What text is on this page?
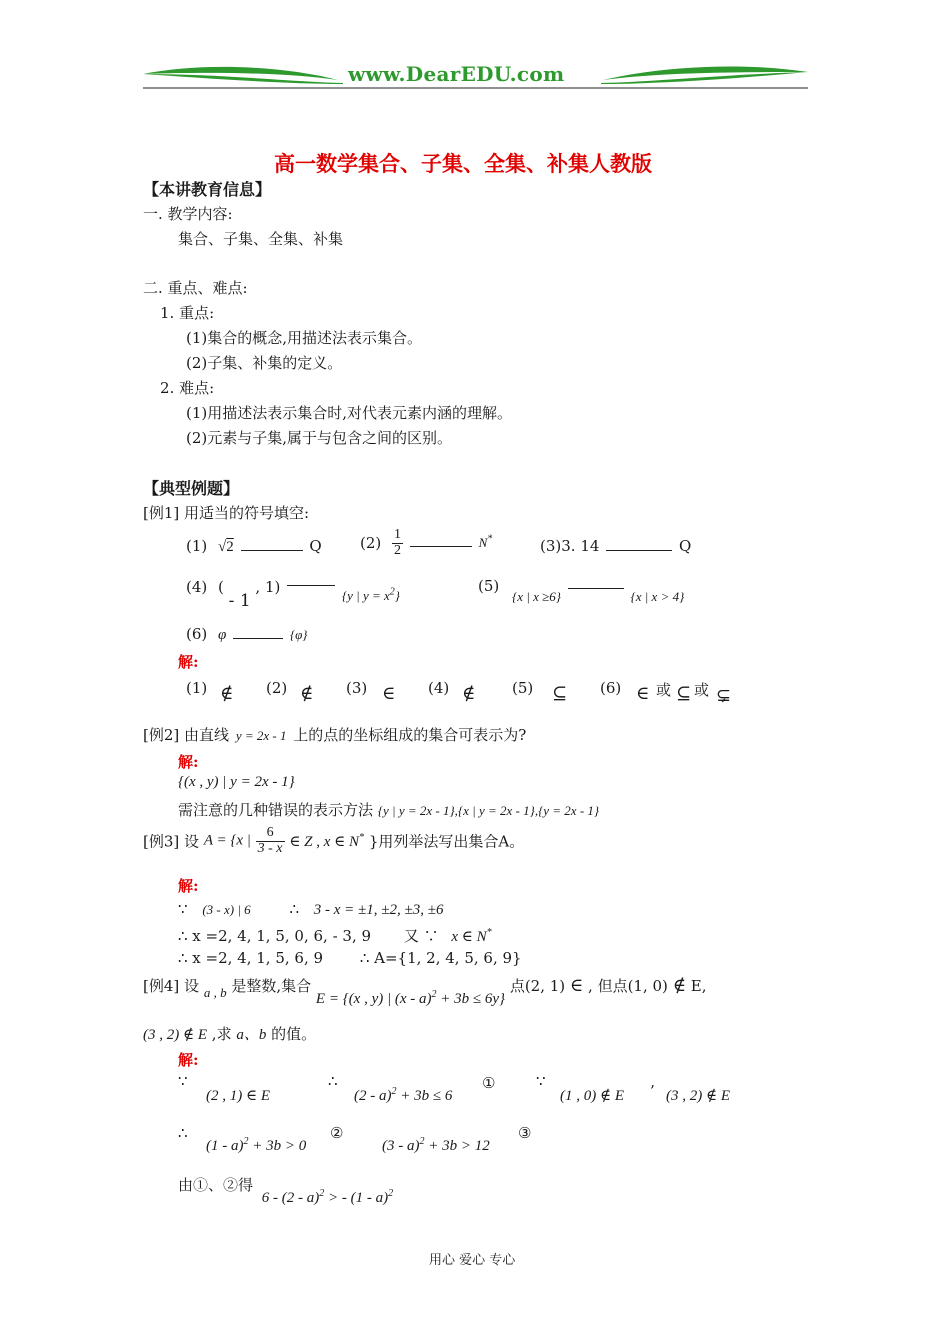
www.DearEDU.com
高一数学集合、子集、全集、补集人教版
【本讲教育信息】
一. 教学内容:
集合、子集、全集、补集
二. 重点、难点:
1. 重点:
(1)集合的概念,用描述法表示集合。
(2)子集、补集的定义。
2. 难点:
(1)用描述法表示集合时,对代表元素内涵的理解。
(2)元素与子集,属于与包含之间的区别。
【典型例题】
[例1] 用适当的符号填空:
(1) √2	Q	$(2) \frac{1}{2}$	N*	(3)3. 14	Q
(4) ( - 1 , 1)	{y | $y = x^2$}
(5) {x | x ≥6}	{x | x > 4}
(6) φ	{φ}
解:
(1) ∉ (2) ∉ (3) ∈ (4) ∉ (5) ⊆ (6) ∈ 或 ⊆ 或 ⊊
[例2] 由直线 y = 2x - 1 上的点的坐标组成的集合可表示为?
解:
{(x , y) | y = 2x - 1}
需注意的几种错误的表示方法 {y | y = 2x - 1},{x | y = 2x - 1},{y = 2x - 1}
[例3] 设 A = {x | $\frac{6}{3 - x}$ ∈ Z , x ∈ N* }用列举法写出集合A。
解:
∵ (3 - x) | 6	∴ 3 - x = ±1, ±2, ±3, ±6
∴ x =2, 4, 1, 5, 0, 6, - 3, 9 又 ∵ x ∈ N*
∴ x =2, 4, 1, 5, 6, 9 ∴ A={1, 2, 4, 5, 6, 9}
[例4] 设 a , b 是整数,集合 E = {(x , y) | (x - a)$^2$ + 3b ≤ 6y} 点(2, 1) ∈ , 但点(1, 0) ∉ E,
(3 , 2) ∉ E ,求 a、b 的值。
解:
∵
(2 , 1) ∈ E
∴
(2 - a)$^2$ + 3b ≤ 6
①	∵
(1 , 0) ∉ E ’ (3 , 2) ∉ E
∴
(1 - a)$^2$ + 3b > 0
②
(3 - a)$^2$ + 3b > 12
③
由①、②得 6 - (2 - a)$^2$ > - (1 - a)$^2$
用心 爱心 专心
